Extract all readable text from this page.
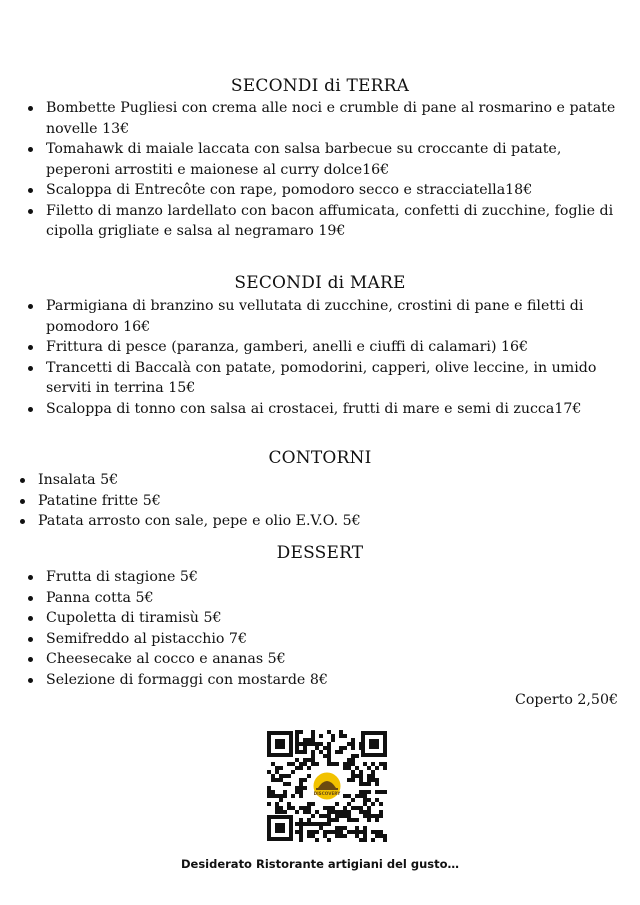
SECONDI di TERRA
Bombette Pugliesi con crema alle noci e crumble di pane al rosmarino e patate novelle 13€
Tomahawk di maiale laccata con salsa barbecue su croccante di patate, peperoni arrostiti e maionese al curry dolce16€
Scaloppa di Entrecôte con rape, pomodoro secco e stracciatella18€
Filetto di manzo lardellato con bacon affumicata, confetti di zucchine, foglie di cipolla grigliate e salsa al negramaro 19€
SECONDI di MARE
Parmigiana di branzino su vellutata di zucchine, crostini di pane e filetti di pomodoro 16€
Frittura di pesce (paranza, gamberi, anelli e ciuffi di calamari) 16€
Trancetti di Baccalà con patate, pomodorini, capperi, olive leccine, in umido serviti in terrina 15€
Scaloppa di tonno con salsa ai crostacei, frutti di mare e semi di zucca17€
CONTORNI
Insalata 5€
Patatine fritte 5€
Patata arrosto con sale, pepe e olio E.V.O. 5€
DESSERT
Frutta di stagione 5€
Panna cotta 5€
Cupoletta di tiramisù 5€
Semifreddo al pistacchio 7€
Cheesecake al cocco e ananas 5€
Selezione di formaggi con mostarde 8€
Coperto 2,50€
DISCOVERY
Desiderato Ristorante artigiani del gusto…
